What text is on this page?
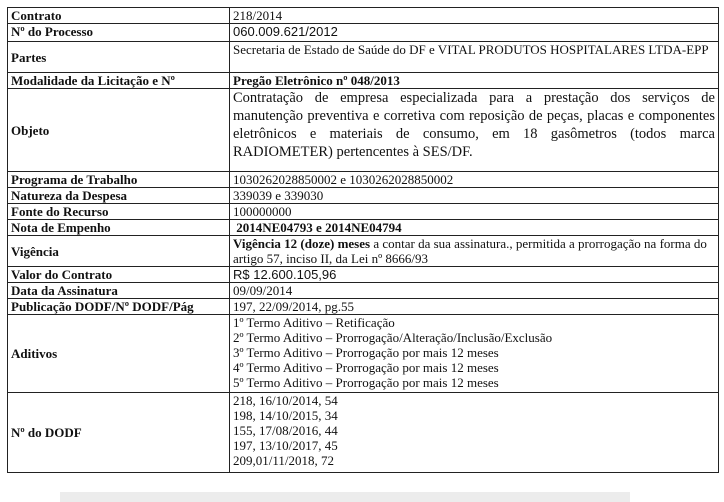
Contrato	218/2014
Nº do Processo	060.009.621/2012
Partes	Secretaria de Estado de Saúde do DF e VITAL PRODUTOS HOSPITALARES LTDA-EPP
Modalidade da Licitação e Nº	Pregão Eletrônico nº 048/2013
Objeto	Contratação de empresa especializada para a prestação dos serviços de manutenção preventiva e corretiva com reposição de peças, placas e componentes eletrônicos e materiais de consumo, em 18 gasômetros (todos marca RADIOMETER) pertencentes à SES/DF.
Programa de Trabalho	1030262028850002 e 1030262028850002
Natureza da Despesa	339039 e 339030
Fonte do Recurso	100000000
Nota de Empenho	2014NE04793 e 2014NE04794
Vigência	Vigência 12 (doze) meses a contar da sua assinatura., permitida a prorrogação na forma do artigo 57, inciso II, da Lei nº 8666/93
Valor do Contrato	R$ 12.600.105,96
Data da Assinatura	09/09/2014
Publicação DODF/Nº DODF/Pág	197, 22/09/2014, pg.55
Aditivos	1º Termo Aditivo – Retificação
2º Termo Aditivo – Prorrogação/Alteração/Inclusão/Exclusão
3º Termo Aditivo – Prorrogação por mais 12 meses
4º Termo Aditivo – Prorrogação por mais 12 meses
5º Termo Aditivo – Prorrogação por mais 12 meses

Nº do DODF	218, 16/10/2014, 54
198, 14/10/2015, 34
155, 17/08/2016, 44
197, 13/10/2017, 45
209,01/11/2018, 72
